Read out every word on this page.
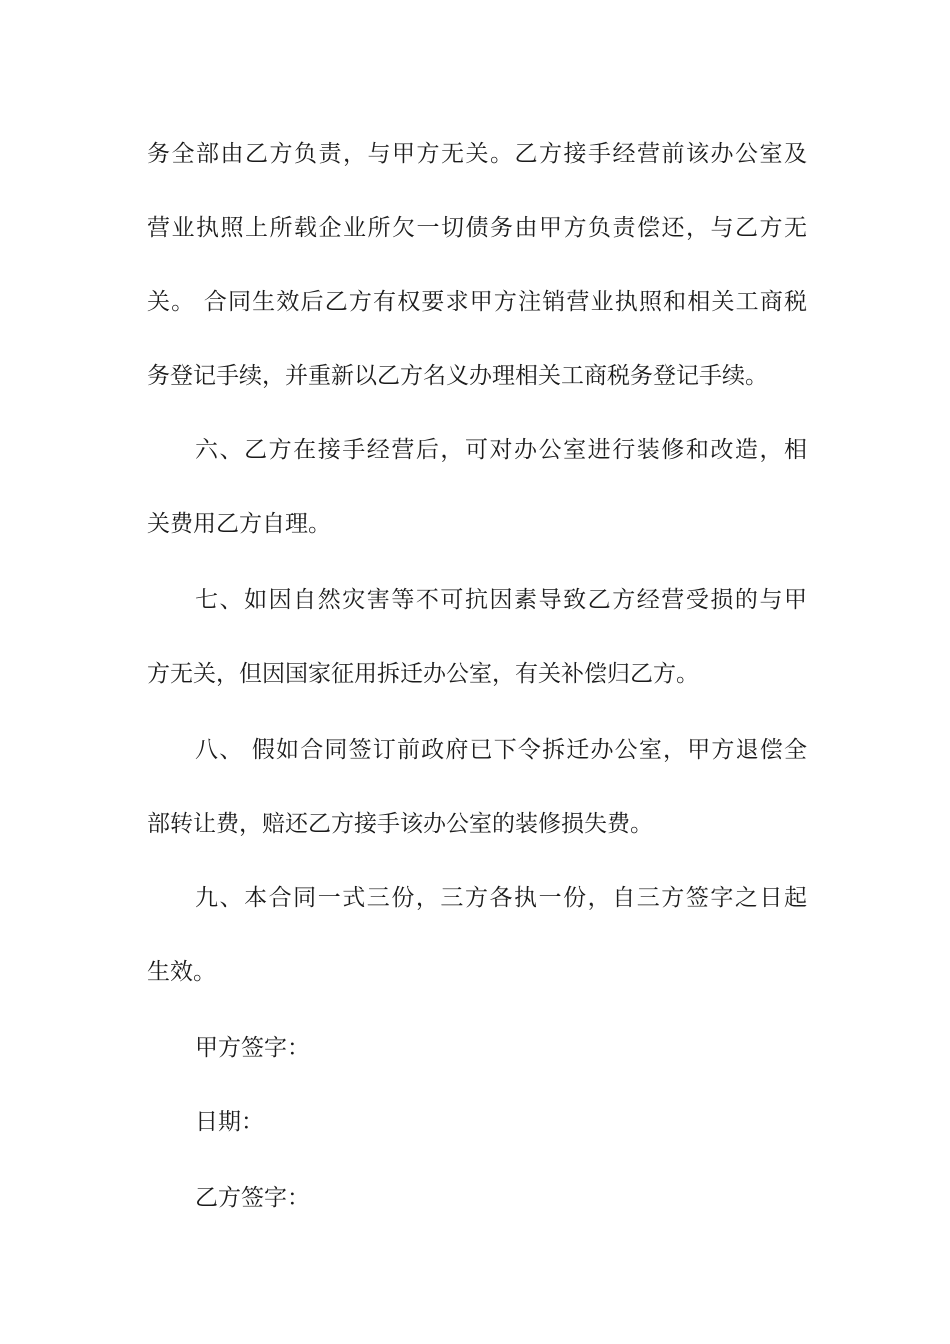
务全部由乙方负责，与甲方无关。乙方接手经营前该办公室及
营业执照上所载企业所欠一切债务由甲方负责偿还，与乙方无
关。 合同生效后乙方有权要求甲方注销营业执照和相关工商税
务登记手续，并重新以乙方名义办理相关工商税务登记手续。
六、乙方在接手经营后，可对办公室进行装修和改造，相
关费用乙方自理。
七、如因自然灾害等不可抗因素导致乙方经营受损的与甲
方无关，但因国家征用拆迁办公室，有关补偿归乙方。
八、 假如合同签订前政府已下令拆迁办公室，甲方退偿全
部转让费，赔还乙方接手该办公室的装修损失费。
九、本合同一式三份，三方各执一份，自三方签字之日起
生效。
甲方签字：
日期：
乙方签字：
